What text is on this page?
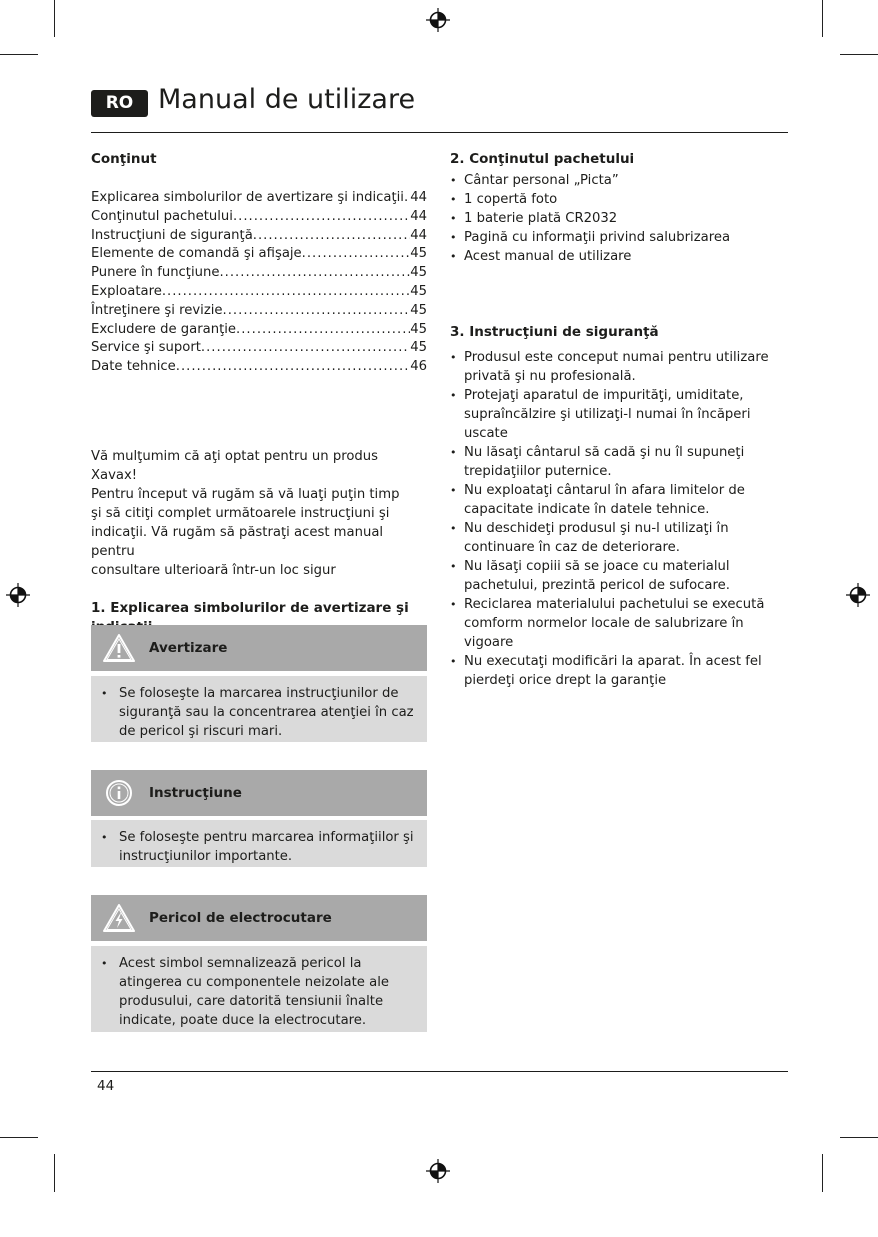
RO Manual de utilizare

Conţinut

Explicarea simbolurilor de avertizare şi indicaţii ..... 44
Conţinutul pachetului .....	44
Instrucţiuni de siguranţă .....	44
Elemente de comandă şi afişaje .....	45
Punere în funcţiune .....	45
Exploatare .....	45
Întreţinere şi revizie .....	45
Excludere de garanţie .....	45
Service şi suport .....	45
Date tehnice .....	46

Vă mulţumim că aţi optat pentru un produs Xavax!

Pentru început vă rugăm să vă luaţi puţin timp

şi să citiţi complet următoarele instrucţiuni şi

indicaţii. Vă rugăm să păstraţi acest manual pentru

consultare ulterioară într-un loc sigur

1. Explicarea simbolurilor de avertizare şi

Avertizare
• Se foloseşte la marcarea instrucţiunilor de
siguranţă sau la concentrarea atenţiei în caz
de pericol şi riscuri mari.
Instrucţiune
• Se foloseşte pentru marcarea informaţiilor şi
instrucţiunilor importante.
Pericol de electrocutare
• Acest simbol semnalizează pericol la
atingerea cu componentele neizolate ale
produsului, care datorită tensiunii înalte
indicate, poate duce la electrocutare.

2. Conţinutul pachetului

• Cântar personal „Picta”
• 1 copertă foto
• 1 baterie plată CR2032
• Pagină cu informaţii privind salubrizarea
• Acest manual de utilizare

3. Instrucţiuni de siguranţă

• Produsul este conceput numai pentru utilizare
privată şi nu profesională.
• Protejaţi aparatul de impurităţi, umiditate,
supraîncălzire şi utilizaţi-l numai în încăperi uscate
• Nu lăsaţi cântarul să cadă şi nu îl supuneţi
trepidaţiilor puternice.
• Nu exploataţi cântarul în afara limitelor de
capacitate indicate în datele tehnice.
• Nu deschideţi produsul şi nu-l utilizaţi în
continuare în caz de deteriorare.
• Nu lăsaţi copiii să se joace cu materialul
pachetului, prezintă pericol de sufocare.
• Reciclarea materialului pachetului se execută
comform normelor locale de salubrizare în vigoare
• Nu executaţi modificări la aparat. În acest fel
pierdeţi orice drept la garanţie
44
